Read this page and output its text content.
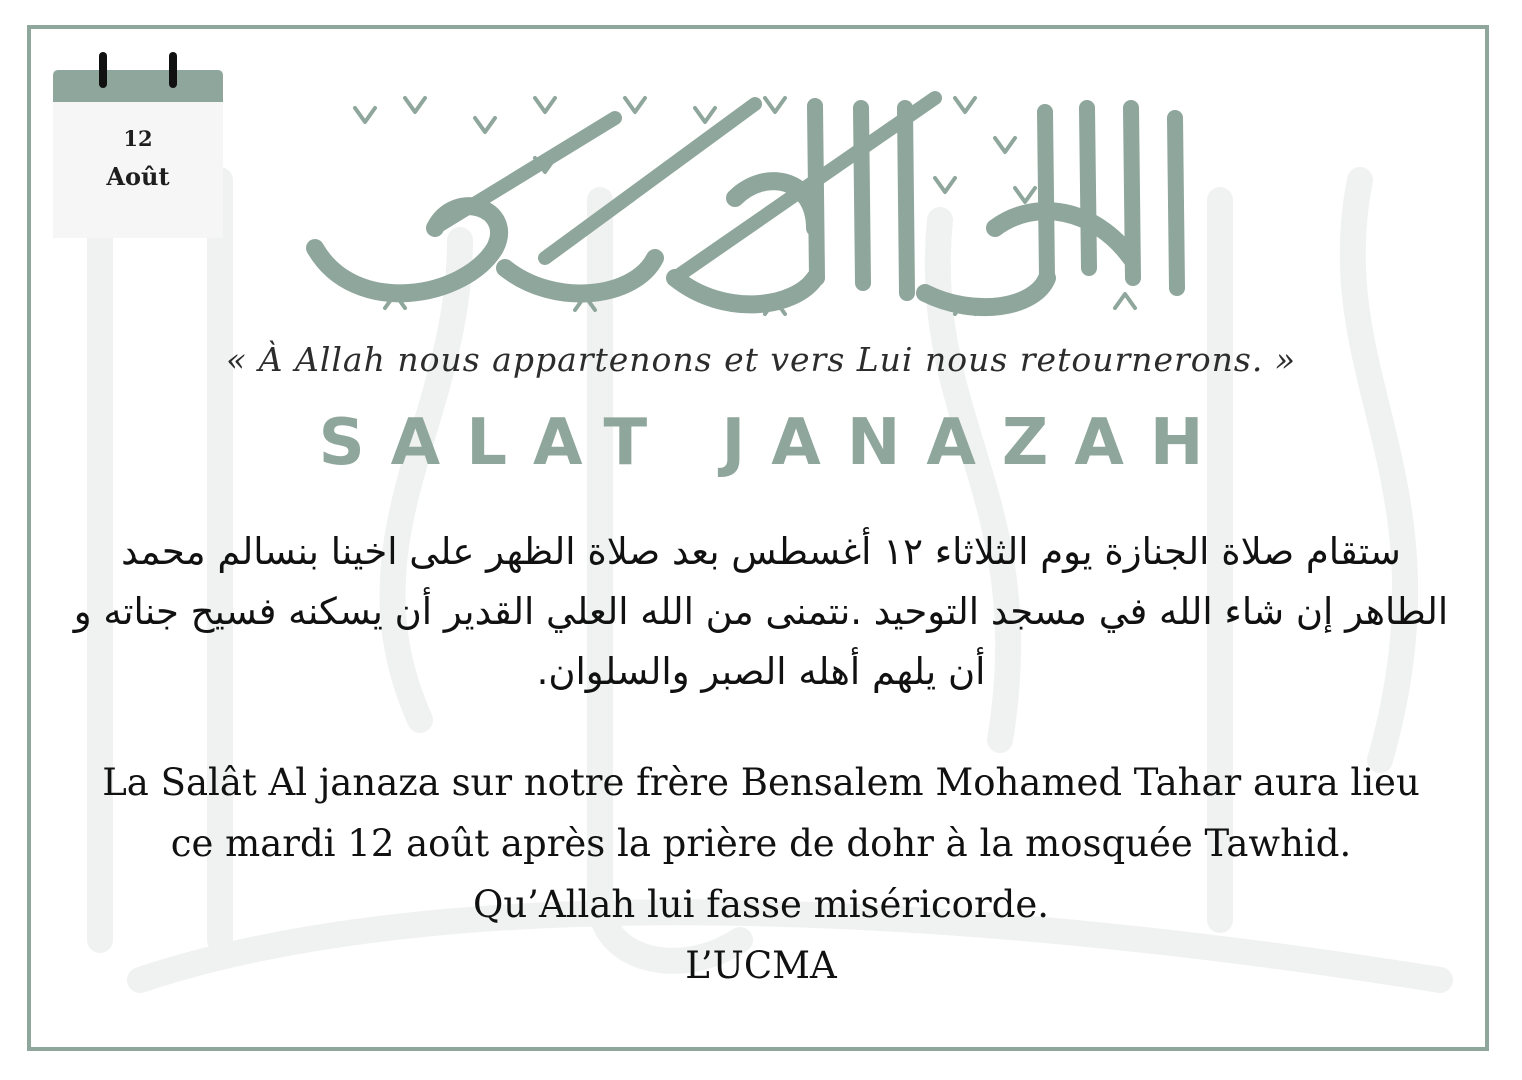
12
Août
« À Allah nous appartenons et vers Lui nous retournerons. »
SALAT JANAZAH
ستقام صلاة الجنازة يوم الثلاثاء ١٢ أغسطس بعد صلاة الظهر على اخينا بنسالم محمد الطاهر إن شاء الله في مسجد التوحيد .نتمنى من الله العلي القدير أن يسكنه فسيح جناته و أن يلهم أهله الصبر والسلوان.
La Salât Al janaza sur notre frère Bensalem Mohamed Tahar aura lieu
ce mardi 12 août après la prière de dohr à la mosquée Tawhid.
Qu’Allah lui fasse miséricorde.
L’UCMA
